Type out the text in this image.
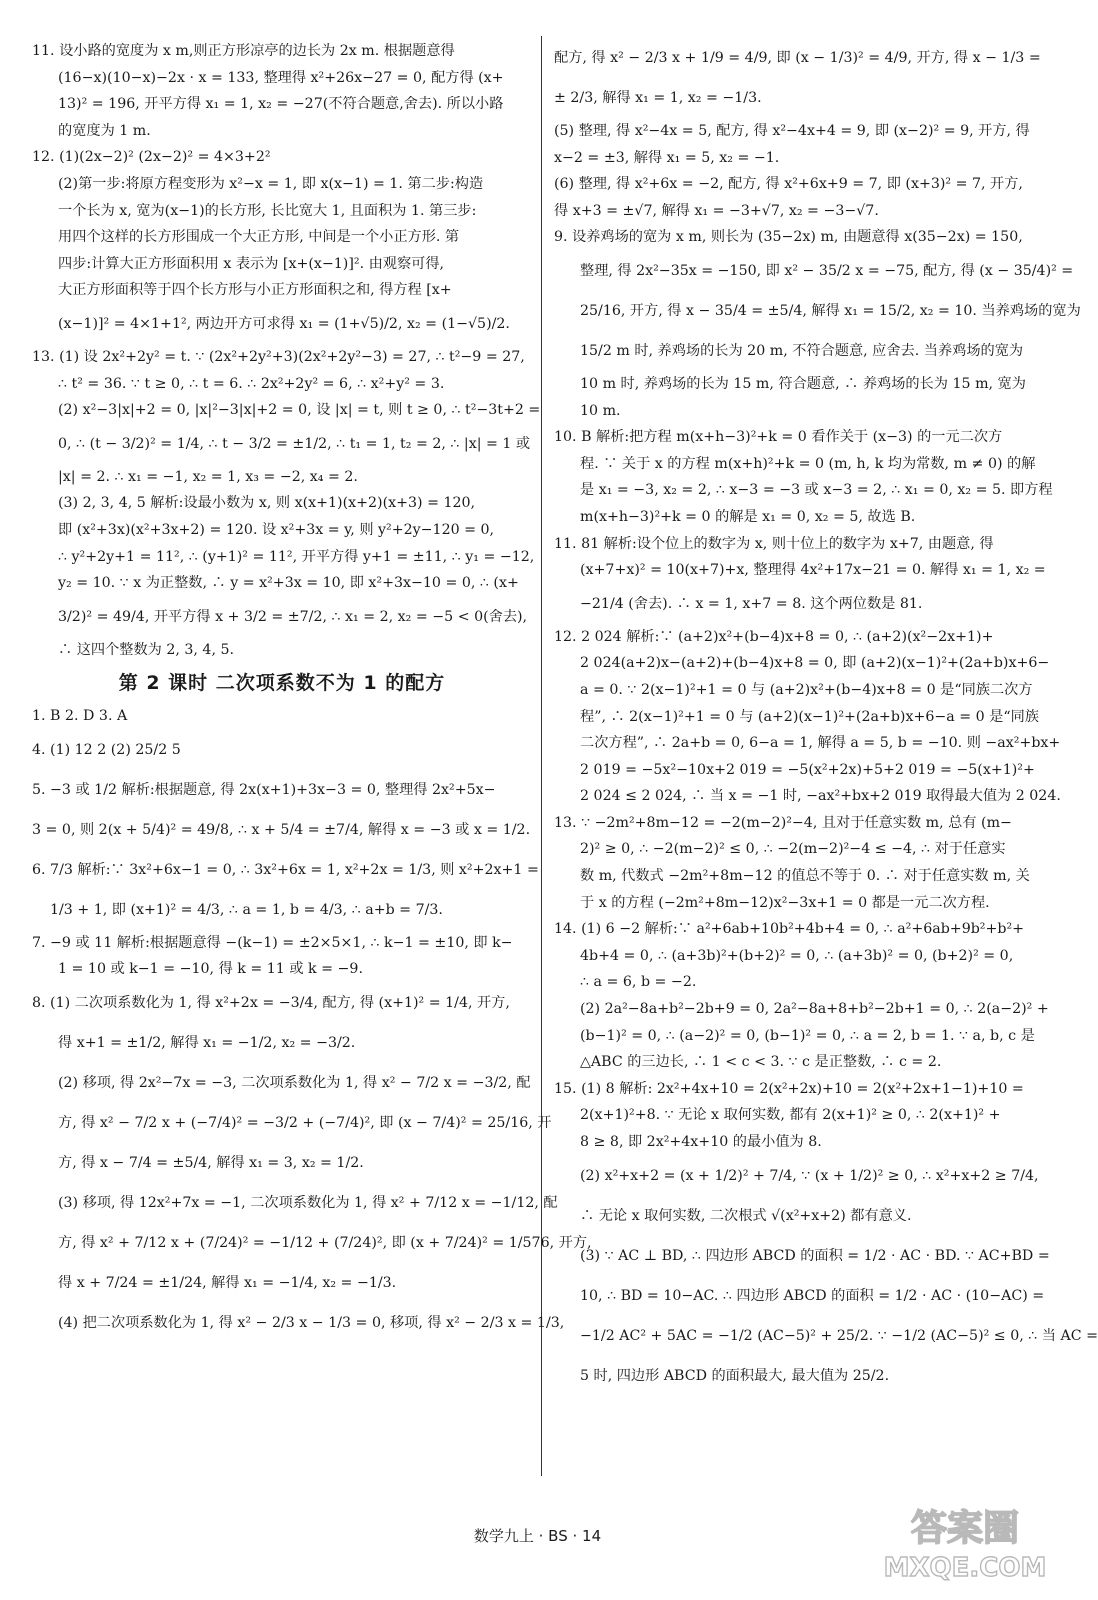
11. 设小路的宽度为 x m,则正方形凉亭的边长为 2x m. 根据题意得
(16−x)(10−x)−2x · x = 133, 整理得 x²+26x−27 = 0, 配方得 (x+
13)² = 196, 开平方得 x₁ = 1, x₂ = −27(不符合题意,舍去). 所以小路
的宽度为 1 m.
12. (1)(2x−2)² (2x−2)² = 4×3+2²
(2)第一步:将原方程变形为 x²−x = 1, 即 x(x−1) = 1. 第二步:构造
一个长为 x, 宽为(x−1)的长方形, 长比宽大 1, 且面积为 1. 第三步:
用四个这样的长方形围成一个大正方形, 中间是一个小正方形. 第
四步:计算大正方形面积用 x 表示为 [x+(x−1)]². 由观察可得,
大正方形面积等于四个长方形与小正方形面积之和, 得方程 [x+
(x−1)]² = 4×1+1², 两边开方可求得 x₁ = (1+√5)/2, x₂ = (1−√5)/2.
13. (1) 设 2x²+2y² = t. ∵ (2x²+2y²+3)(2x²+2y²−3) = 27, ∴ t²−9 = 27,
∴ t² = 36. ∵ t ≥ 0, ∴ t = 6. ∴ 2x²+2y² = 6, ∴ x²+y² = 3.
(2) x²−3|x|+2 = 0, |x|²−3|x|+2 = 0, 设 |x| = t, 则 t ≥ 0, ∴ t²−3t+2 =
0, ∴ (t − 3/2)² = 1/4, ∴ t − 3/2 = ±1/2, ∴ t₁ = 1, t₂ = 2, ∴ |x| = 1 或
|x| = 2. ∴ x₁ = −1, x₂ = 1, x₃ = −2, x₄ = 2.
(3) 2, 3, 4, 5 解析:设最小数为 x, 则 x(x+1)(x+2)(x+3) = 120,
即 (x²+3x)(x²+3x+2) = 120. 设 x²+3x = y, 则 y²+2y−120 = 0,
∴ y²+2y+1 = 11², ∴ (y+1)² = 11², 开平方得 y+1 = ±11, ∴ y₁ = −12,
y₂ = 10. ∵ x 为正整数, ∴ y = x²+3x = 10, 即 x²+3x−10 = 0, ∴ (x+
3/2)² = 49/4, 开平方得 x + 3/2 = ±7/2, ∴ x₁ = 2, x₂ = −5 < 0(舍去),
∴ 这四个整数为 2, 3, 4, 5.
第 2 课时 二次项系数不为 1 的配方
1. B 2. D 3. A
4. (1) 12 2 (2) 25/2 5
5. −3 或 1/2 解析:根据题意, 得 2x(x+1)+3x−3 = 0, 整理得 2x²+5x−
3 = 0, 则 2(x + 5/4)² = 49/8, ∴ x + 5/4 = ±7/4, 解得 x = −3 或 x = 1/2.
6. 7/3 解析:∵ 3x²+6x−1 = 0, ∴ 3x²+6x = 1, x²+2x = 1/3, 则 x²+2x+1 =
1/3 + 1, 即 (x+1)² = 4/3, ∴ a = 1, b = 4/3, ∴ a+b = 7/3.
7. −9 或 11 解析:根据题意得 −(k−1) = ±2×5×1, ∴ k−1 = ±10, 即 k−
1 = 10 或 k−1 = −10, 得 k = 11 或 k = −9.
8. (1) 二次项系数化为 1, 得 x²+2x = −3/4, 配方, 得 (x+1)² = 1/4, 开方,
得 x+1 = ±1/2, 解得 x₁ = −1/2, x₂ = −3/2.
(2) 移项, 得 2x²−7x = −3, 二次项系数化为 1, 得 x² − 7/2 x = −3/2, 配
方, 得 x² − 7/2 x + (−7/4)² = −3/2 + (−7/4)², 即 (x − 7/4)² = 25/16, 开
方, 得 x − 7/4 = ±5/4, 解得 x₁ = 3, x₂ = 1/2.
(3) 移项, 得 12x²+7x = −1, 二次项系数化为 1, 得 x² + 7/12 x = −1/12, 配
方, 得 x² + 7/12 x + (7/24)² = −1/12 + (7/24)², 即 (x + 7/24)² = 1/576, 开方,
得 x + 7/24 = ±1/24, 解得 x₁ = −1/4, x₂ = −1/3.
(4) 把二次项系数化为 1, 得 x² − 2/3 x − 1/3 = 0, 移项, 得 x² − 2/3 x = 1/3,
配方, 得 x² − 2/3 x + 1/9 = 4/9, 即 (x − 1/3)² = 4/9, 开方, 得 x − 1/3 =
± 2/3, 解得 x₁ = 1, x₂ = −1/3.
(5) 整理, 得 x²−4x = 5, 配方, 得 x²−4x+4 = 9, 即 (x−2)² = 9, 开方, 得
x−2 = ±3, 解得 x₁ = 5, x₂ = −1.
(6) 整理, 得 x²+6x = −2, 配方, 得 x²+6x+9 = 7, 即 (x+3)² = 7, 开方,
得 x+3 = ±√7, 解得 x₁ = −3+√7, x₂ = −3−√7.
9. 设养鸡场的宽为 x m, 则长为 (35−2x) m, 由题意得 x(35−2x) = 150,
整理, 得 2x²−35x = −150, 即 x² − 35/2 x = −75, 配方, 得 (x − 35/4)² =
25/16, 开方, 得 x − 35/4 = ±5/4, 解得 x₁ = 15/2, x₂ = 10. 当养鸡场的宽为
15/2 m 时, 养鸡场的长为 20 m, 不符合题意, 应舍去. 当养鸡场的宽为
10 m 时, 养鸡场的长为 15 m, 符合题意, ∴ 养鸡场的长为 15 m, 宽为
10 m.
10. B 解析:把方程 m(x+h−3)²+k = 0 看作关于 (x−3) 的一元二次方
程. ∵ 关于 x 的方程 m(x+h)²+k = 0 (m, h, k 均为常数, m ≠ 0) 的解
是 x₁ = −3, x₂ = 2, ∴ x−3 = −3 或 x−3 = 2, ∴ x₁ = 0, x₂ = 5. 即方程
m(x+h−3)²+k = 0 的解是 x₁ = 0, x₂ = 5, 故选 B.
11. 81 解析:设个位上的数字为 x, 则十位上的数字为 x+7, 由题意, 得
(x+7+x)² = 10(x+7)+x, 整理得 4x²+17x−21 = 0. 解得 x₁ = 1, x₂ =
−21/4 (舍去). ∴ x = 1, x+7 = 8. 这个两位数是 81.
12. 2 024 解析:∵ (a+2)x²+(b−4)x+8 = 0, ∴ (a+2)(x²−2x+1)+
2 024(a+2)x−(a+2)+(b−4)x+8 = 0, 即 (a+2)(x−1)²+(2a+b)x+6−
a = 0. ∵ 2(x−1)²+1 = 0 与 (a+2)x²+(b−4)x+8 = 0 是“同族二次方
程”, ∴ 2(x−1)²+1 = 0 与 (a+2)(x−1)²+(2a+b)x+6−a = 0 是“同族
二次方程”, ∴ 2a+b = 0, 6−a = 1, 解得 a = 5, b = −10. 则 −ax²+bx+
2 019 = −5x²−10x+2 019 = −5(x²+2x)+5+2 019 = −5(x+1)²+
2 024 ≤ 2 024, ∴ 当 x = −1 时, −ax²+bx+2 019 取得最大值为 2 024.
13. ∵ −2m²+8m−12 = −2(m−2)²−4, 且对于任意实数 m, 总有 (m−
2)² ≥ 0, ∴ −2(m−2)² ≤ 0, ∴ −2(m−2)²−4 ≤ −4, ∴ 对于任意实
数 m, 代数式 −2m²+8m−12 的值总不等于 0. ∴ 对于任意实数 m, 关
于 x 的方程 (−2m²+8m−12)x²−3x+1 = 0 都是一元二次方程.
14. (1) 6 −2 解析:∵ a²+6ab+10b²+4b+4 = 0, ∴ a²+6ab+9b²+b²+
4b+4 = 0, ∴ (a+3b)²+(b+2)² = 0, ∴ (a+3b)² = 0, (b+2)² = 0,
∴ a = 6, b = −2.
(2) 2a²−8a+b²−2b+9 = 0, 2a²−8a+8+b²−2b+1 = 0, ∴ 2(a−2)² +
(b−1)² = 0, ∴ (a−2)² = 0, (b−1)² = 0, ∴ a = 2, b = 1. ∵ a, b, c 是
△ABC 的三边长, ∴ 1 < c < 3. ∵ c 是正整数, ∴ c = 2.
15. (1) 8 解析: 2x²+4x+10 = 2(x²+2x)+10 = 2(x²+2x+1−1)+10 =
2(x+1)²+8. ∵ 无论 x 取何实数, 都有 2(x+1)² ≥ 0, ∴ 2(x+1)² +
8 ≥ 8, 即 2x²+4x+10 的最小值为 8.
(2) x²+x+2 = (x + 1/2)² + 7/4, ∵ (x + 1/2)² ≥ 0, ∴ x²+x+2 ≥ 7/4,
∴ 无论 x 取何实数, 二次根式 √(x²+x+2) 都有意义.
(3) ∵ AC ⊥ BD, ∴ 四边形 ABCD 的面积 = 1/2 · AC · BD. ∵ AC+BD =
10, ∴ BD = 10−AC. ∴ 四边形 ABCD 的面积 = 1/2 · AC · (10−AC) =
−1/2 AC² + 5AC = −1/2 (AC−5)² + 25/2. ∵ −1/2 (AC−5)² ≤ 0, ∴ 当 AC =
5 时, 四边形 ABCD 的面积最大, 最大值为 25/2.
数学九上 · BS · 14	答案圈
MXQE.COM
